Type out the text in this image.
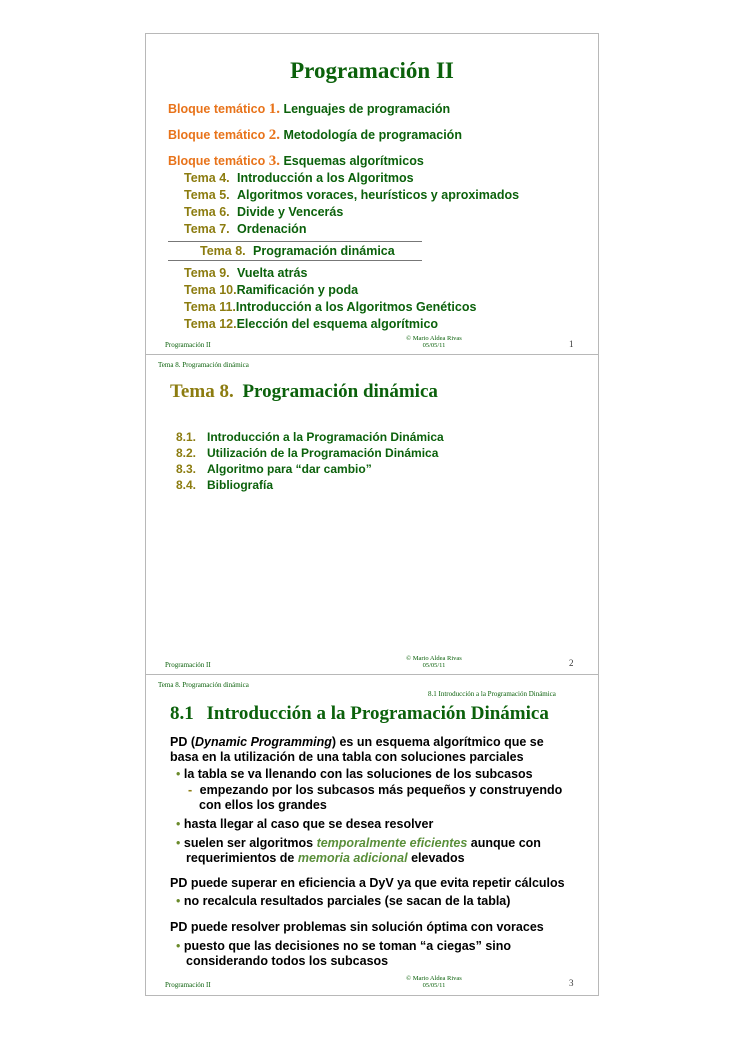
Programación II
Bloque temático 1. Lenguajes de programación
Bloque temático 2. Metodología de programación
Bloque temático 3. Esquemas algorítmicos
Tema 4. Introducción a los Algoritmos
Tema 5. Algoritmos voraces, heurísticos y aproximados
Tema 6. Divide y Vencerás
Tema 7. Ordenación
Tema 8. Programación dinámica
Tema 9. Vuelta atrás
Tema 10.Ramificación y poda
Tema 11.Introducción a los Algoritmos Genéticos
Tema 12.Elección del esquema algorítmico
Programación II
© Mario Aldea Rivas
05/05/11	1
Tema 8. Programación dinámica
Tema 8. Programación dinámica
8.1. Introducción a la Programación Dinámica
8.2. Utilización de la Programación Dinámica
8.3. Algoritmo para “dar cambio”
8.4. Bibliografía
Programación II
© Mario Aldea Rivas
05/05/11	2
Tema 8. Programación dinámica
8.1 Introducción a la Programación Dinámica
8.1 Introducción a la Programación Dinámica
PD (Dynamic Programming) es un esquema algorítmico que se
basa en la utilización de una tabla con soluciones parciales
• la tabla se va llenando con las soluciones de los subcasos
- empezando por los subcasos más pequeños y construyendo
con ellos los grandes
• hasta llegar al caso que se desea resolver
• suelen ser algoritmos temporalmente eficientes aunque con
requerimientos de memoria adicional elevados
PD puede superar en eficiencia a DyV ya que evita repetir cálculos
• no recalcula resultados parciales (se sacan de la tabla)
PD puede resolver problemas sin solución óptima con voraces
• puesto que las decisiones no se toman “a ciegas” sino
considerando todos los subcasos
Programación II
© Mario Aldea Rivas
05/05/11	3
